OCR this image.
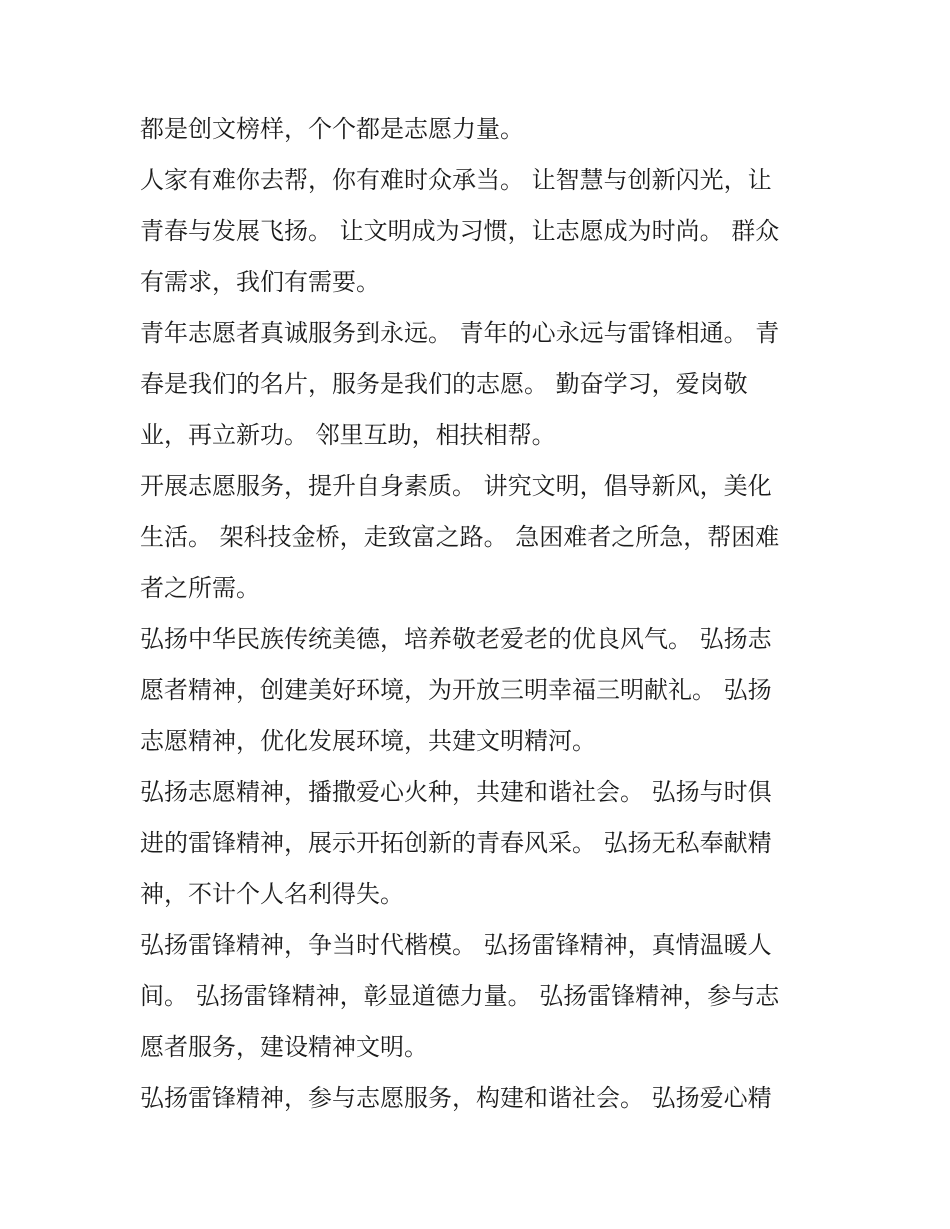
都是创文榜样，个个都是志愿力量。

人家有难你去帮，你有难时众承当。 让智慧与创新闪光，让
青春与发展飞扬。 让文明成为习惯，让志愿成为时尚。 群众
有需求，我们有需要。

青年志愿者真诚服务到永远。 青年的心永远与雷锋相通。 青
春是我们的名片，服务是我们的志愿。 勤奋学习，爱岗敬
业，再立新功。 邻里互助，相扶相帮。

开展志愿服务，提升自身素质。 讲究文明，倡导新风，美化
生活。 架科技金桥，走致富之路。 急困难者之所急，帮困难
者之所需。

弘扬中华民族传统美德，培养敬老爱老的优良风气。 弘扬志
愿者精神，创建美好环境，为开放三明幸福三明献礼。 弘扬
志愿精神，优化发展环境，共建文明精河。

弘扬志愿精神，播撒爱心火种，共建和谐社会。 弘扬与时俱
进的雷锋精神，展示开拓创新的青春风采。 弘扬无私奉献精
神，不计个人名利得失。

弘扬雷锋精神，争当时代楷模。 弘扬雷锋精神，真情温暖人
间。 弘扬雷锋精神，彰显道德力量。 弘扬雷锋精神，参与志
愿者服务，建设精神文明。

弘扬雷锋精神，参与志愿服务，构建和谐社会。 弘扬爱心精
